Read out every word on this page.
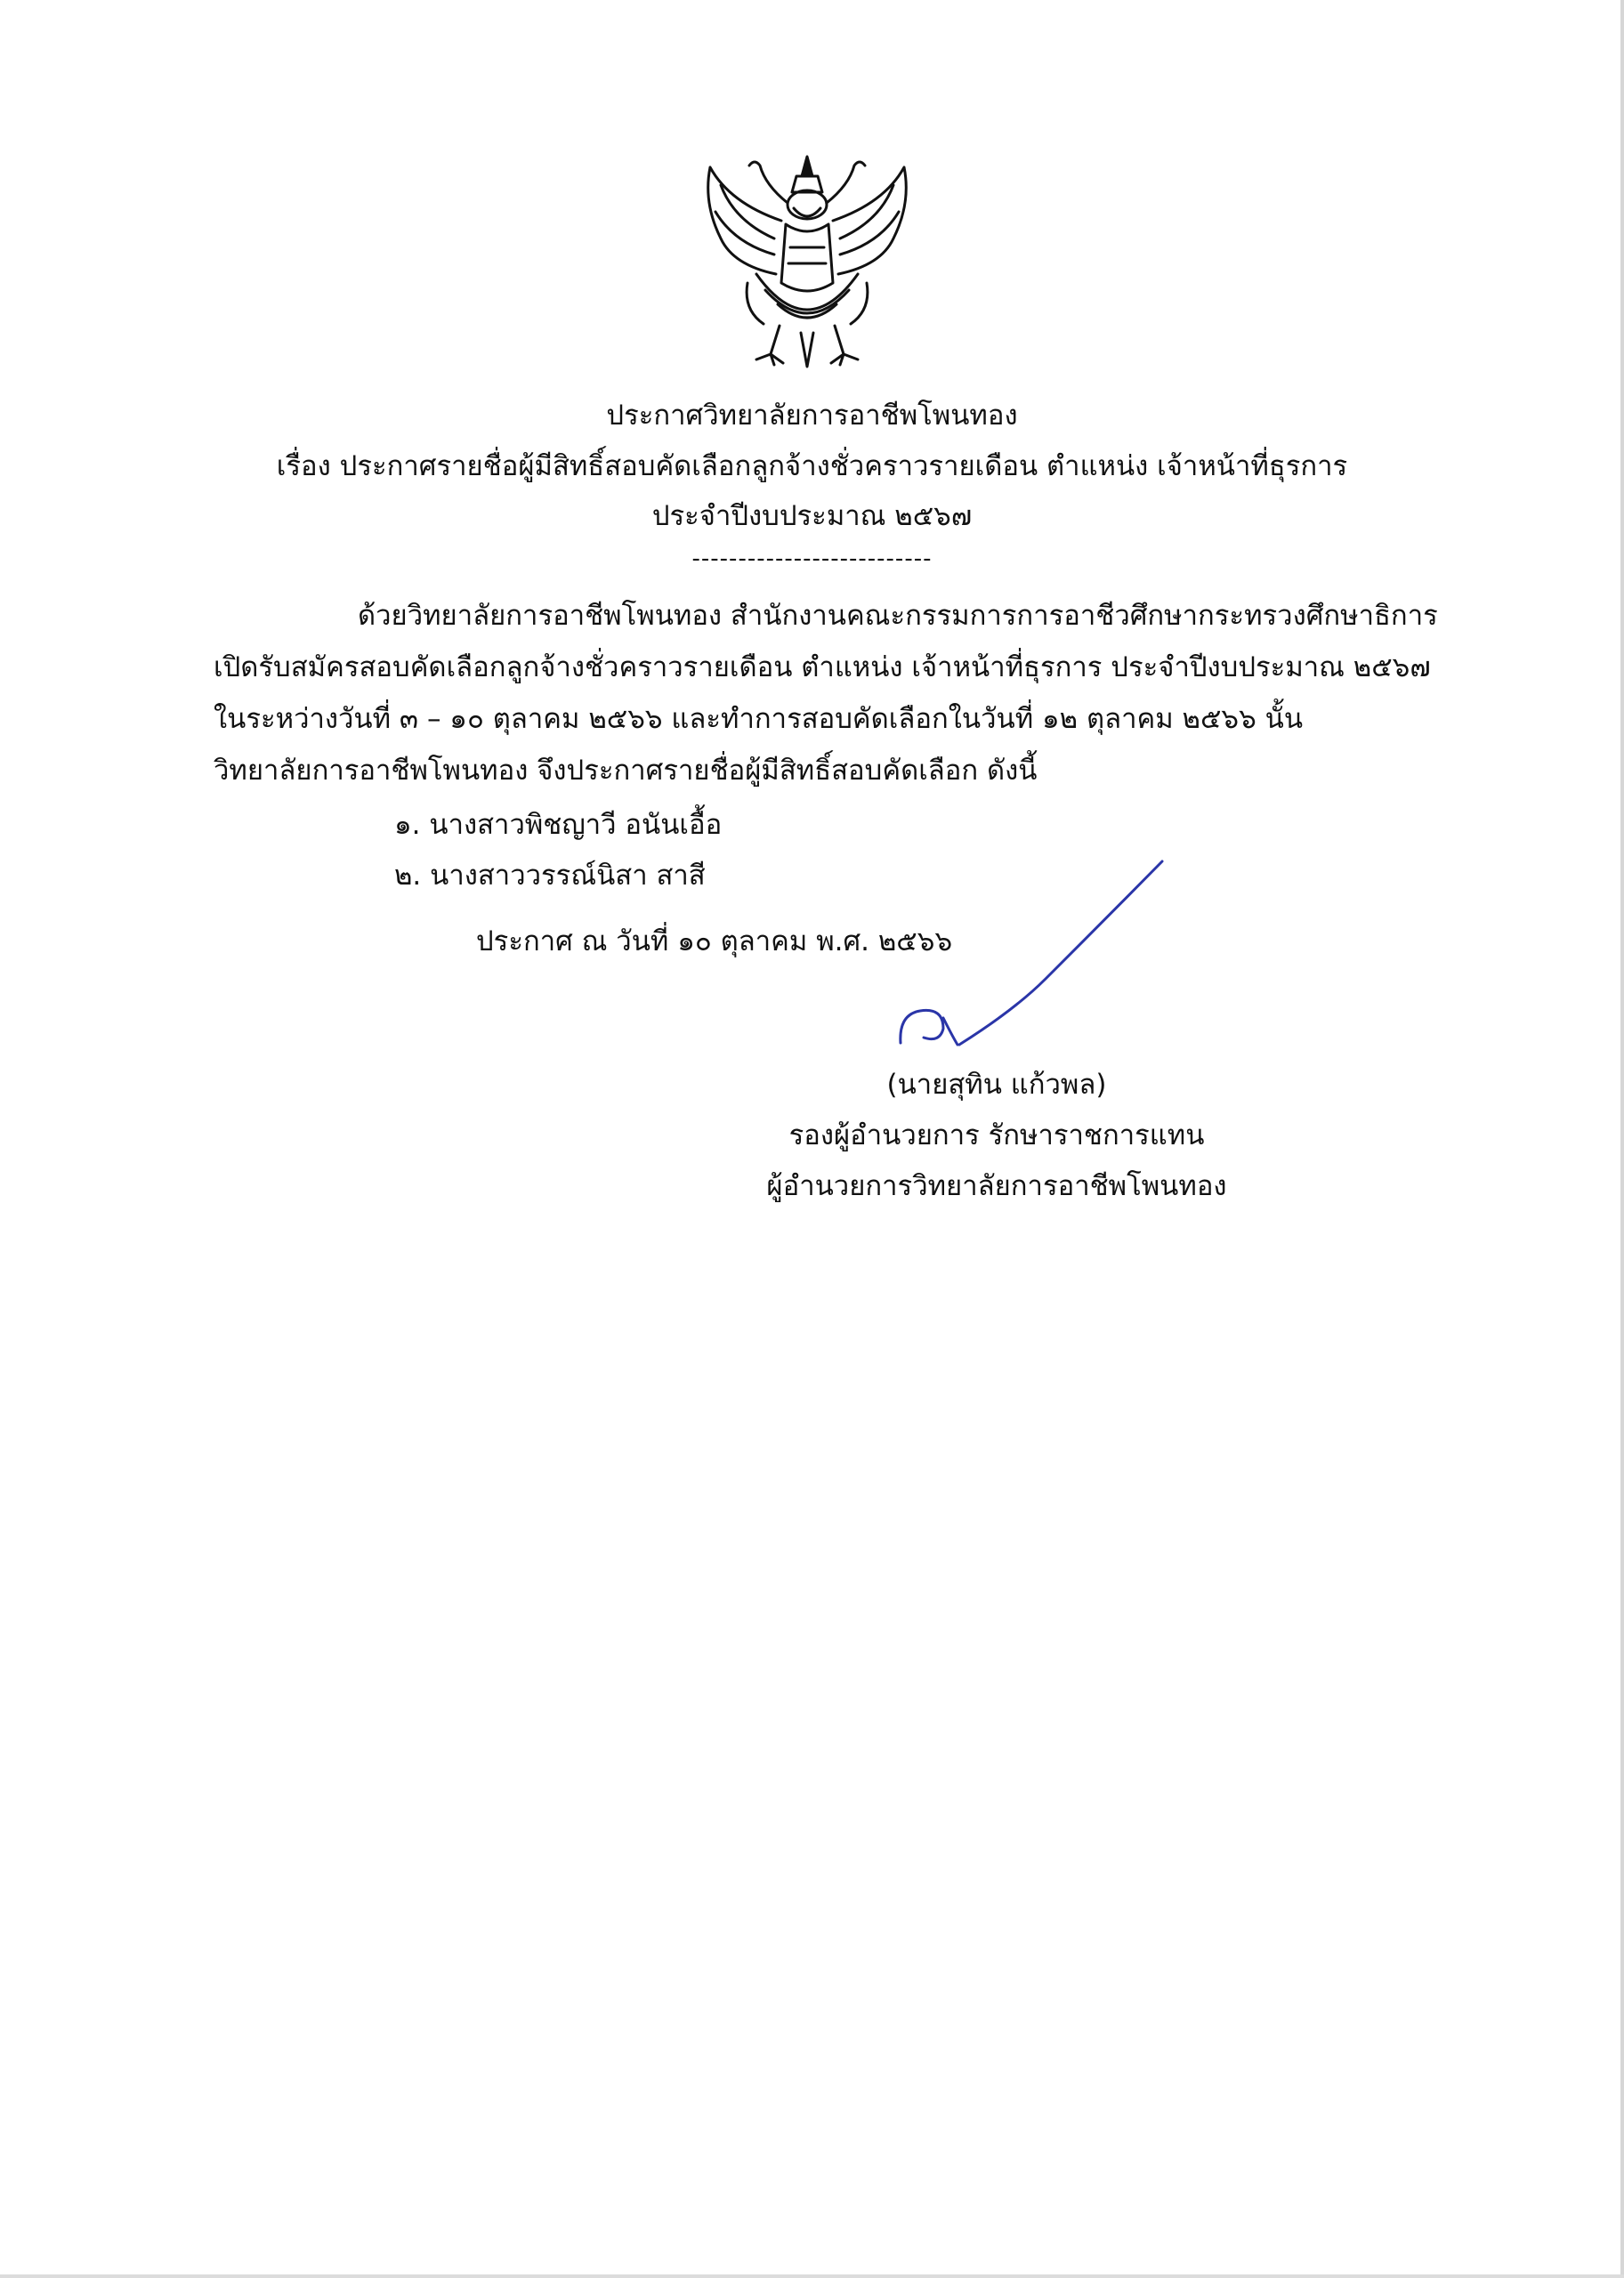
ประกาศวิทยาลัยการอาชีพโพนทอง
เรื่อง ประกาศรายชื่อผู้มีสิทธิ์สอบคัดเลือกลูกจ้างชั่วคราวรายเดือน ตำแหน่ง เจ้าหน้าที่ธุรการ
ประจำปีงบประมาณ ๒๕๖๗
--------------------------
ด้วยวิทยาลัยการอาชีพโพนทอง สำนักงานคณะกรรมการการอาชีวศึกษากระทรวงศึกษาธิการ
เปิดรับสมัครสอบคัดเลือกลูกจ้างชั่วคราวรายเดือน ตำแหน่ง เจ้าหน้าที่ธุรการ ประจำปีงบประมาณ ๒๕๖๗
ในระหว่างวันที่ ๓ – ๑๐ ตุลาคม ๒๕๖๖ และทำการสอบคัดเลือกในวันที่ ๑๒ ตุลาคม ๒๕๖๖ นั้น
วิทยาลัยการอาชีพโพนทอง จึงประกาศรายชื่อผู้มีสิทธิ์สอบคัดเลือก ดังนี้
๑. นางสาวพิชญาวี อนันเอื้อ
๒. นางสาววรรณ์นิสา สาสี
ประกาศ ณ วันที่ ๑๐ ตุลาคม พ.ศ. ๒๕๖๖
(นายสุทิน แก้วพล)
รองผู้อำนวยการ รักษาราชการแทน
ผู้อำนวยการวิทยาลัยการอาชีพโพนทอง
